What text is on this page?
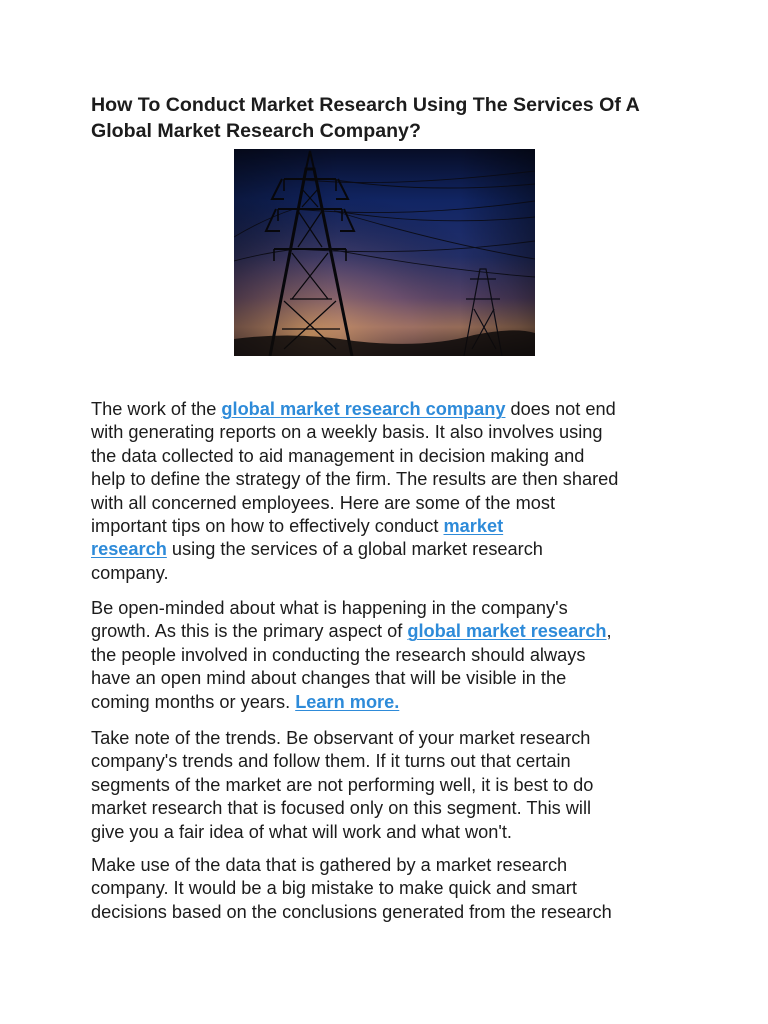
How To Conduct Market Research Using The Services Of A
Global Market Research Company?

The work of the global market research company does not end
with generating reports on a weekly basis. It also involves using
the data collected to aid management in decision making and
help to define the strategy of the firm. The results are then shared
with all concerned employees. Here are some of the most
important tips on how to effectively conduct market
research using the services of a global market research
company.

Be open-minded about what is happening in the company's
growth. As this is the primary aspect of global market research,
the people involved in conducting the research should always
have an open mind about changes that will be visible in the
coming months or years. Learn more.

Take note of the trends. Be observant of your market research
company's trends and follow them. If it turns out that certain
segments of the market are not performing well, it is best to do
market research that is focused only on this segment. This will
give you a fair idea of what will work and what won't.

Make use of the data that is gathered by a market research
company. It would be a big mistake to make quick and smart
decisions based on the conclusions generated from the research
